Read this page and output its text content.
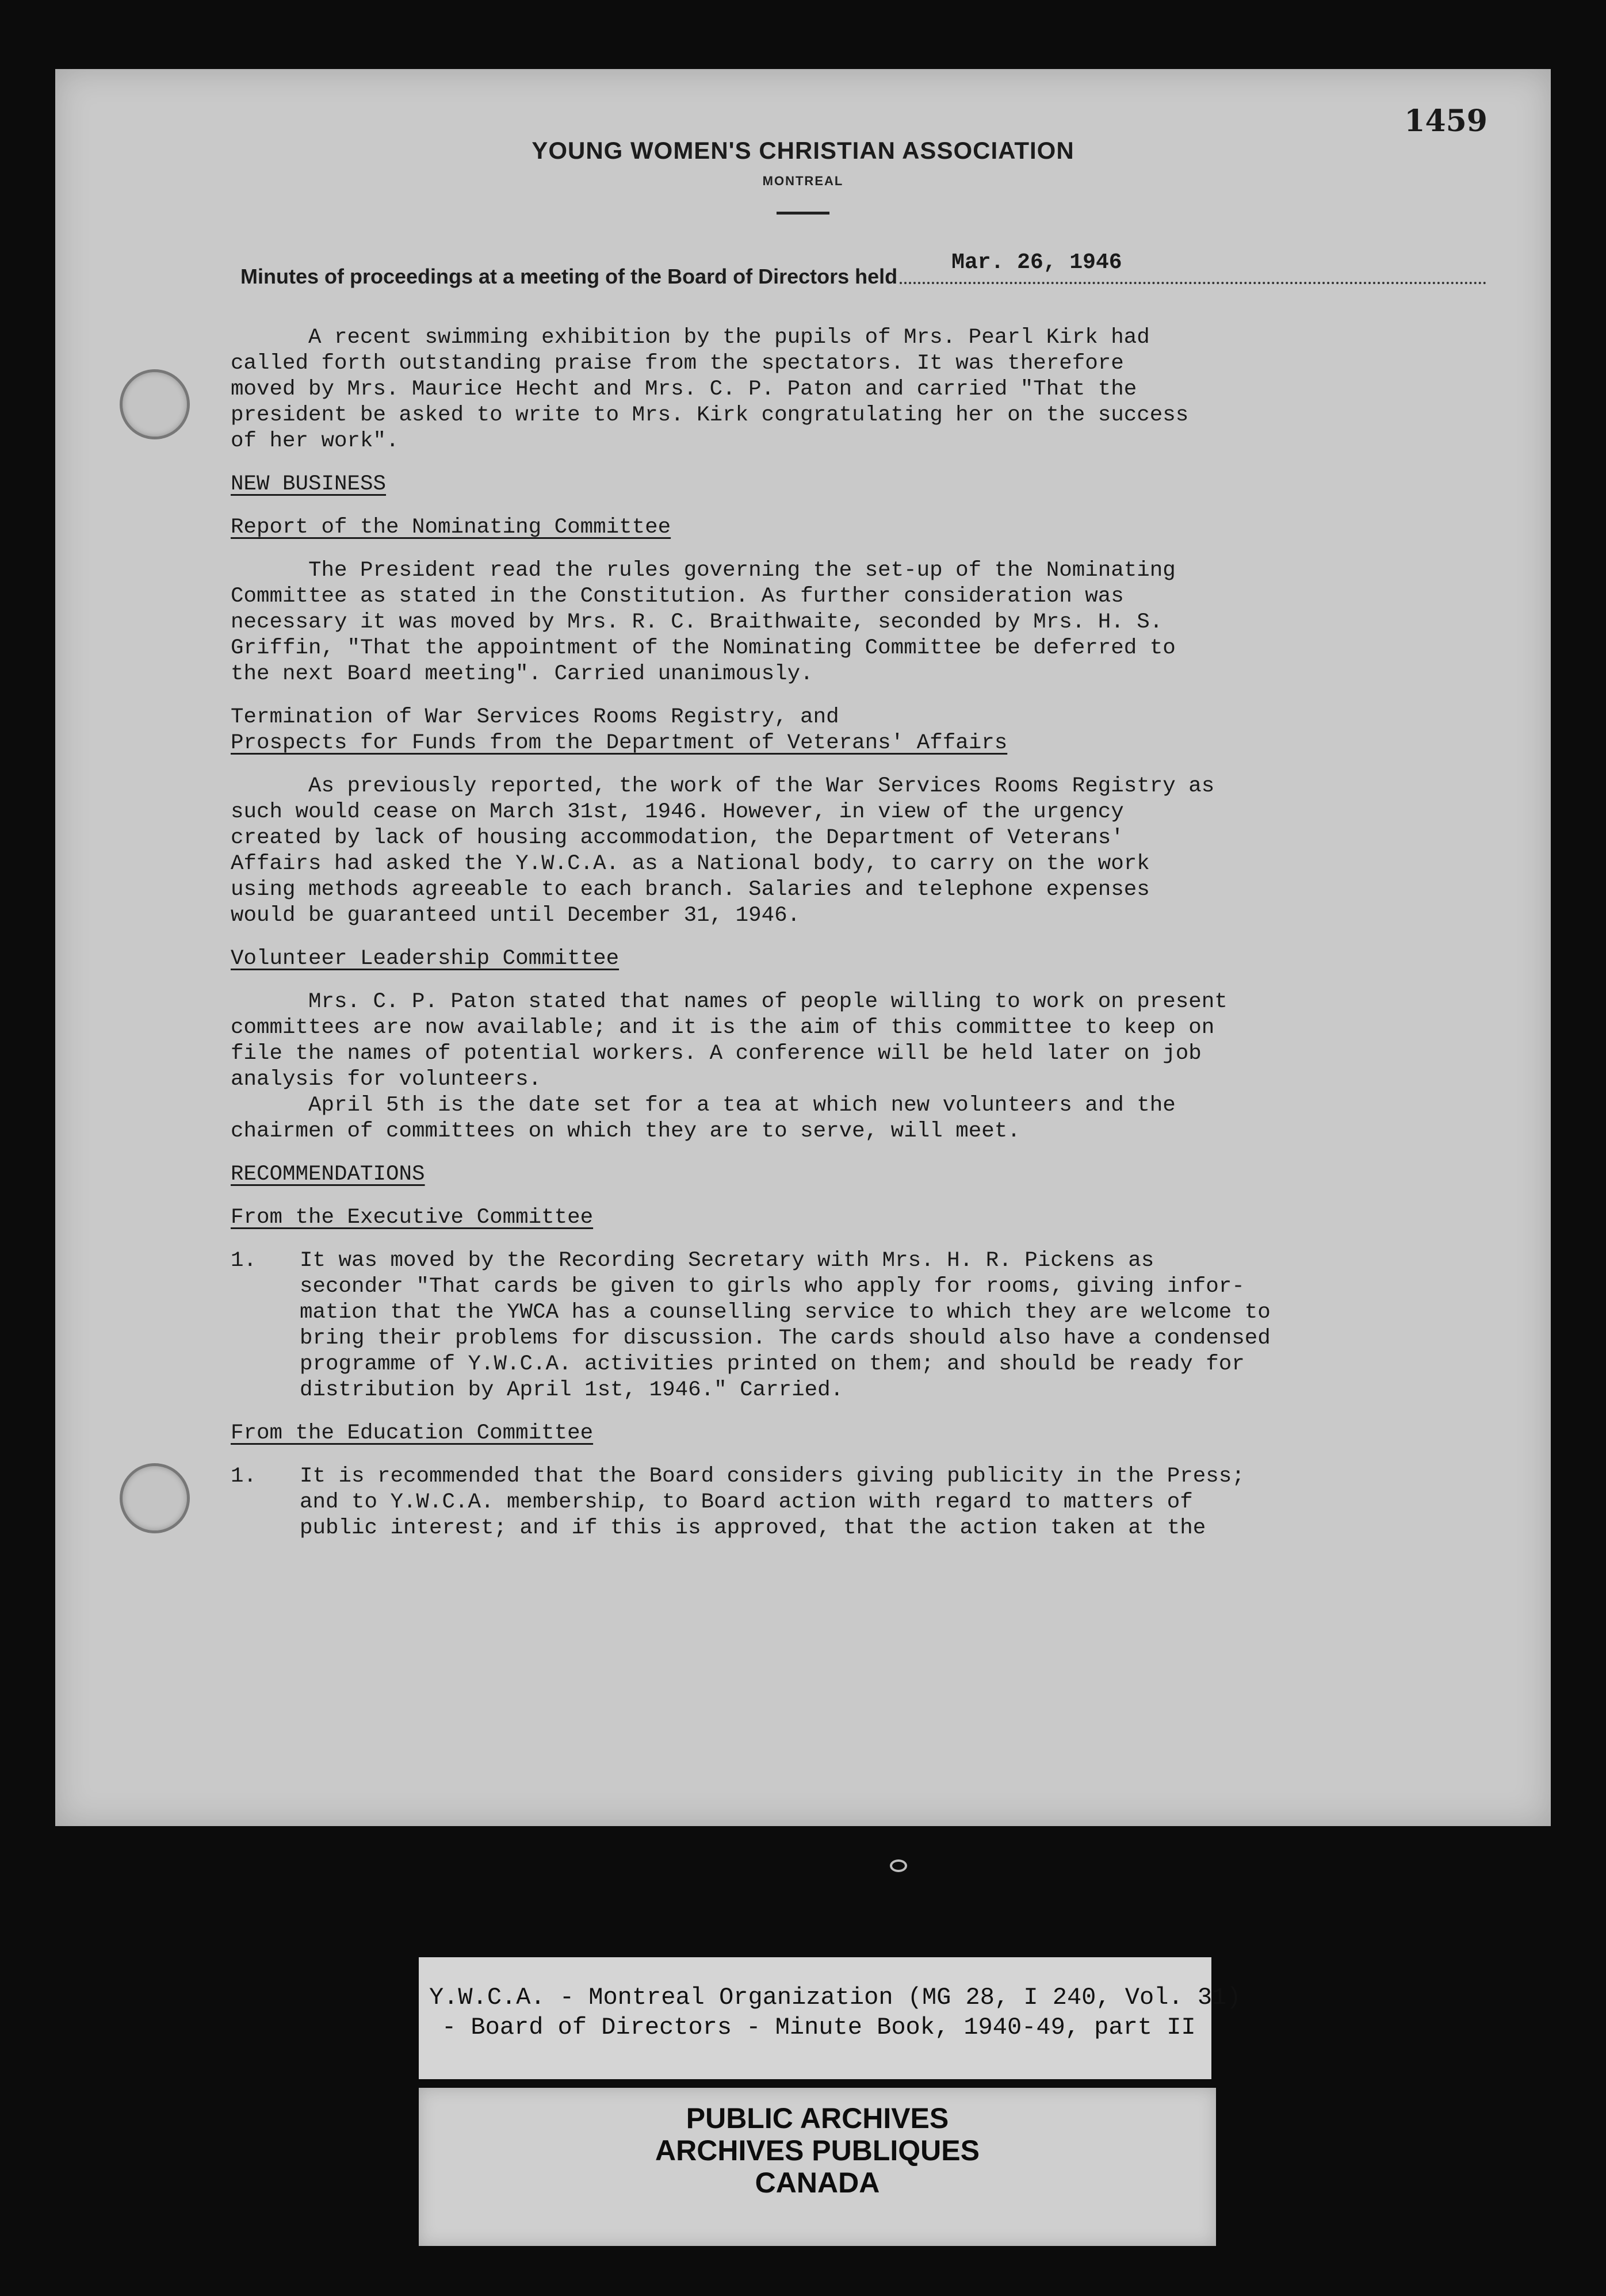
1459
YOUNG WOMEN'S CHRISTIAN ASSOCIATION
MONTREAL
Minutes of proceedings at a meeting of the Board of Directors held
Mar. 26, 1946

A recent swimming exhibition by the pupils of Mrs. Pearl Kirk had
called forth outstanding praise from the spectators. It was therefore
moved by Mrs. Maurice Hecht and Mrs. C. P. Paton and carried "That the
president be asked to write to Mrs. Kirk congratulating her on the success
of her work".

NEW BUSINESS
Report of the Nominating Committee

The President read the rules governing the set-up of the Nominating
Committee as stated in the Constitution. As further consideration was
necessary it was moved by Mrs. R. C. Braithwaite, seconded by Mrs. H. S.
Griffin, "That the appointment of the Nominating Committee be deferred to
the next Board meeting". Carried unanimously.

Termination of War Services Rooms Registry, and
Prospects for Funds from the Department of Veterans' Affairs

As previously reported, the work of the War Services Rooms Registry as
such would cease on March 31st, 1946. However, in view of the urgency
created by lack of housing accommodation, the Department of Veterans'
Affairs had asked the Y.W.C.A. as a National body, to carry on the work
using methods agreeable to each branch. Salaries and telephone expenses
would be guaranteed until December 31, 1946.

Volunteer Leadership Committee

Mrs. C. P. Paton stated that names of people willing to work on present
committees are now available; and it is the aim of this committee to keep on
file the names of potential workers. A conference will be held later on job
analysis for volunteers.

April 5th is the date set for a tea at which new volunteers and the
chairmen of committees on which they are to serve, will meet.

RECOMMENDATIONS
From the Executive Committee
1.	It was moved by the Recording Secretary with Mrs. H. R. Pickens as
seconder "That cards be given to girls who apply for rooms, giving infor-
mation that the YWCA has a counselling service to which they are welcome to
bring their problems for discussion. The cards should also have a condensed
programme of Y.W.C.A. activities printed on them; and should be ready for
distribution by April 1st, 1946." Carried.
From the Education Committee
1.	It is recommended that the Board considers giving publicity in the Press;
and to Y.W.C.A. membership, to Board action with regard to matters of
public interest; and if this is approved, that the action taken at the
Y.W.C.A. - Montreal Organization (MG 28, I 240, Vol. 31)
- Board of Directors - Minute Book, 1940-49, part II
PUBLIC ARCHIVES
ARCHIVES PUBLIQUES
CANADA
